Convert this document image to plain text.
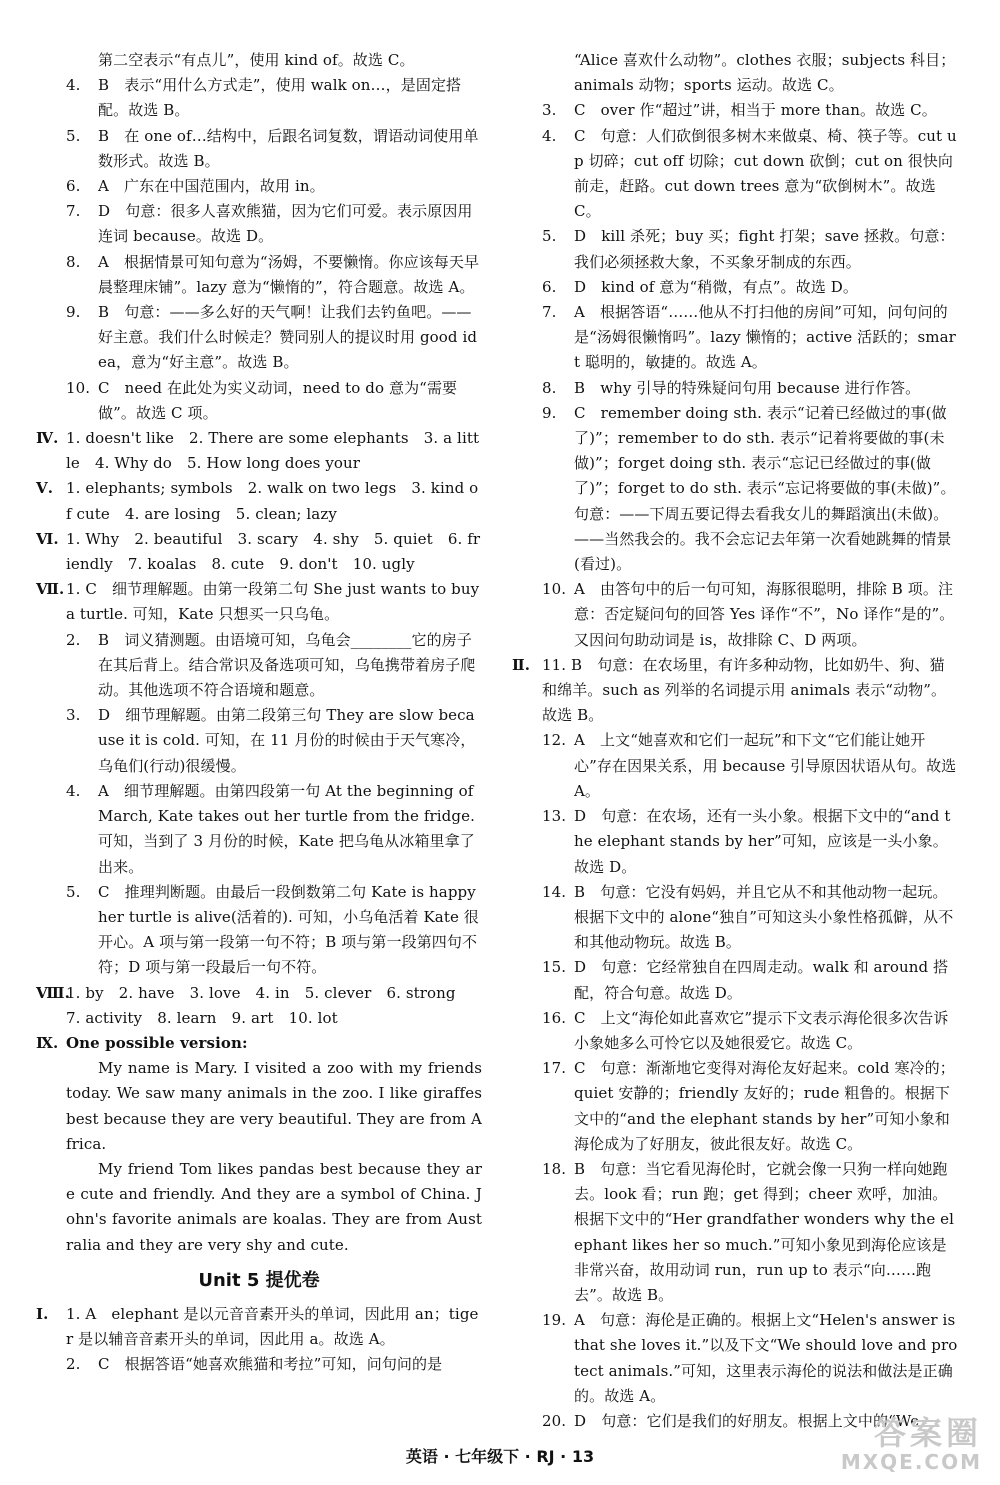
第二空表示“有点儿”，使用 kind of。故选 C。

4. B　表示“用什么方式走”，使用 walk on…，是固定搭配。故选 B。

5. B　在 one of…结构中，后跟名词复数，谓语动词使用单数形式。故选 B。

6. A　广东在中国范围内，故用 in。

7. D　句意：很多人喜欢熊猫，因为它们可爱。表示原因用连词 because。故选 D。

8. A　根据情景可知句意为“汤姆，不要懒惰。你应该每天早晨整理床铺”。lazy 意为“懒惰的”，符合题意。故选 A。

9. B　句意：——多么好的天气啊！让我们去钓鱼吧。——好主意。我们什么时候走？赞同别人的提议时用 good idea，意为“好主意”。故选 B。

10. C　need 在此处为实义动词，need to do 意为“需要做”。故选 C 项。

Ⅳ. 1. doesn't like　2. There are some elephants　3. a little　4. Why do　5. How long does your

Ⅴ. 1. elephants; symbols　2. walk on two legs　3. kind of cute　4. are losing　5. clean; lazy

Ⅵ. 1. Why　2. beautiful　3. scary　4. shy　5. quiet　6. friendly　7. koalas　8. cute　9. don't　10. ugly

Ⅶ. 1. C　细节理解题。由第一段第二句 She just wants to buy a turtle. 可知，Kate 只想买一只乌龟。

2. B　词义猜测题。由语境可知，乌龟会________它的房子在其后背上。结合常识及备选项可知，乌龟携带着房子爬动。其他选项不符合语境和题意。

3. D　细节理解题。由第二段第三句 They are slow because it is cold. 可知，在 11 月份的时候由于天气寒冷，乌龟们(行动)很缓慢。

4. A　细节理解题。由第四段第一句 At the beginning of March, Kate takes out her turtle from the fridge. 可知，当到了 3 月份的时候，Kate 把乌龟从冰箱里拿了出来。

5. C　推理判断题。由最后一段倒数第二句 Kate is happy her turtle is alive(活着的). 可知，小乌龟活着 Kate 很开心。A 项与第一段第一句不符；B 项与第一段第四句不符；D 项与第一段最后一句不符。

Ⅷ.
1. by　2. have　3. love　4. in　5. clever　6. strong　7. activity　8. learn　9. art　10. lot

Ⅸ. One possible version:

My name is Mary. I visited a zoo with my friends today. We saw many animals in the zoo. I like giraffes best because they are very beautiful. They are from Africa.

My friend Tom likes pandas best because they are cute and friendly. And they are a symbol of China. John's favorite animals are koalas. They are from Australia and they are very shy and cute.

Unit 5 提优卷

Ⅰ. 1. A　elephant 是以元音音素开头的单词，因此用 an；tiger 是以辅音音素开头的单词，因此用 a。故选 A。

2. C　根据答语“她喜欢熊猫和考拉”可知，问句问的是

“Alice 喜欢什么动物”。clothes 衣服；subjects 科目；animals 动物；sports 运动。故选 C。

3. C　over 作“超过”讲，相当于 more than。故选 C。

4. C　句意：人们砍倒很多树木来做桌、椅、筷子等。cut up 切碎；cut off 切除；cut down 砍倒；cut on 很快向前走，赶路。cut down trees 意为“砍倒树木”。故选 C。

5. D　kill 杀死；buy 买；fight 打架；save 拯救。句意：我们必须拯救大象，不买象牙制成的东西。

6. D　kind of 意为“稍微，有点”。故选 D。

7. A　根据答语“……他从不打扫他的房间”可知，问句问的是“汤姆很懒惰吗”。lazy 懒惰的；active 活跃的；smart 聪明的，敏捷的。故选 A。

8. B　why 引导的特殊疑问句用 because 进行作答。

9. C　remember doing sth. 表示“记着已经做过的事(做了)”；remember to do sth. 表示“记着将要做的事(未做)”；forget doing sth. 表示“忘记已经做过的事(做了)”；forget to do sth. 表示“忘记将要做的事(未做)”。句意：——下周五要记得去看我女儿的舞蹈演出(未做)。——当然我会的。我不会忘记去年第一次看她跳舞的情景(看过)。

10. A　由答句中的后一句可知，海豚很聪明，排除 B 项。注意：否定疑问句的回答 Yes 译作“不”，No 译作“是的”。又因问句助动词是 is，故排除 C、D 两项。

Ⅱ. 11. B　句意：在农场里，有许多种动物，比如奶牛、狗、猫和绵羊。such as 列举的名词提示用 animals 表示“动物”。故选 B。

12. A　上文“她喜欢和它们一起玩”和下文“它们能让她开心”存在因果关系，用 because 引导原因状语从句。故选 A。

13. D　句意：在农场，还有一头小象。根据下文中的“and the elephant stands by her”可知，应该是一头小象。故选 D。

14. B　句意：它没有妈妈，并且它从不和其他动物一起玩。根据下文中的 alone“独自”可知这头小象性格孤僻，从不和其他动物玩。故选 B。

15. D　句意：它经常独自在四周走动。walk 和 around 搭配，符合句意。故选 D。

16. C　上文“海伦如此喜欢它”提示下文表示海伦很多次告诉小象她多么可怜它以及她很爱它。故选 C。

17. C　句意：渐渐地它变得对海伦友好起来。cold 寒冷的；quiet 安静的；friendly 友好的；rude 粗鲁的。根据下文中的“and the elephant stands by her”可知小象和海伦成为了好朋友，彼此很友好。故选 C。

18. B　句意：当它看见海伦时，它就会像一只狗一样向她跑去。look 看；run 跑；get 得到；cheer 欢呼，加油。根据下文中的“Her grandfather wonders why the elephant likes her so much.”可知小象见到海伦应该是非常兴奋，故用动词 run，run up to 表示“向……跑去”。故选 B。

19. A　句意：海伦是正确的。根据上文“Helen's answer is that she loves it.”以及下文“We should love and protect animals.”可知，这里表示海伦的说法和做法是正确的。故选 A。

20. D　句意：它们是我们的好朋友。根据上文中的“We

英语 · 七年级下 · RJ · 13
答案圈
MXQE.COM
